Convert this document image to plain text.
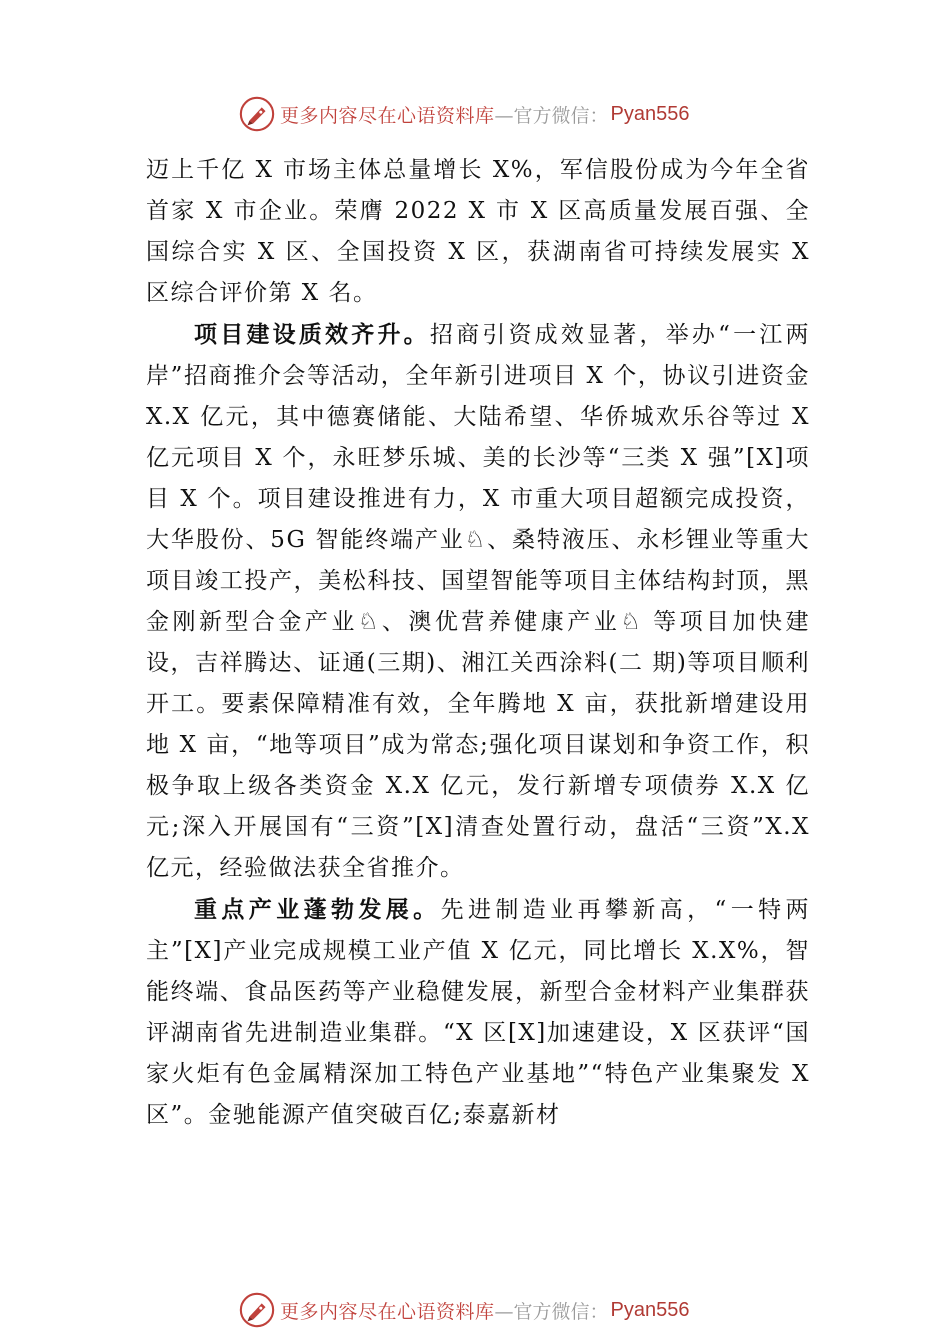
更多内容尽在心语资料库 —官方微信： Pyan556

迈上千亿 X 市场主体总量增长 X%，军信股份成为今年全省首家 X 市企业。荣膺 2022 X 市 X 区高质量发展百强、全国综合实 X 区、全国投资 X 区，获湖南省可持续发展实 X 区综合评价第 X 名。

项目建设质效齐升。招商引资成效显著，举办“一江两岸”招商推介会等活动，全年新引进项目 X 个，协议引进资金 X.X 亿元，其中德赛储能、大陆希望、华侨城欢乐谷等过 X 亿元项目 X 个，永旺梦乐城、美的长沙等“三类 X 强”[X]项目 X 个。项目建设推进有力，X 市重大项目超额完成投资，大华股份、5G 智能终端产业♘、桑特液压、永杉锂业等重大项目竣工投产，美松科技、国望智能等项目主体结构封顶，黑金刚新型合金产业♘、澳优营养健康产业♘ 等项目加快建设，吉祥腾达、证通(三期)、湘江关西涂料(二 期)等项目顺利开工。要素保障精准有效，全年腾地 X 亩，获批新增建设用地 X 亩，“地等项目”成为常态;强化项目谋划和争资工作，积极争取上级各类资金 X.X 亿元，发行新增专项债券 X.X 亿元;深入开展国有“三资”[X]清查处置行动，盘活“三资”X.X 亿元，经验做法获全省推介。

重点产业蓬勃发展。先进制造业再攀新高，“一特两主”[X]产业完成规模工业产值 X 亿元，同比增长 X.X%，智能终端、食品医药等产业稳健发展，新型合金材料产业集群获评湖南省先进制造业集群。“X 区[X]加速建设，X 区获评“国家火炬有色金属精深加工特色产业基地”“特色产业集聚发 X 区”。金驰能源产值突破百亿;泰嘉新材

更多内容尽在心语资料库 —官方微信： Pyan556
